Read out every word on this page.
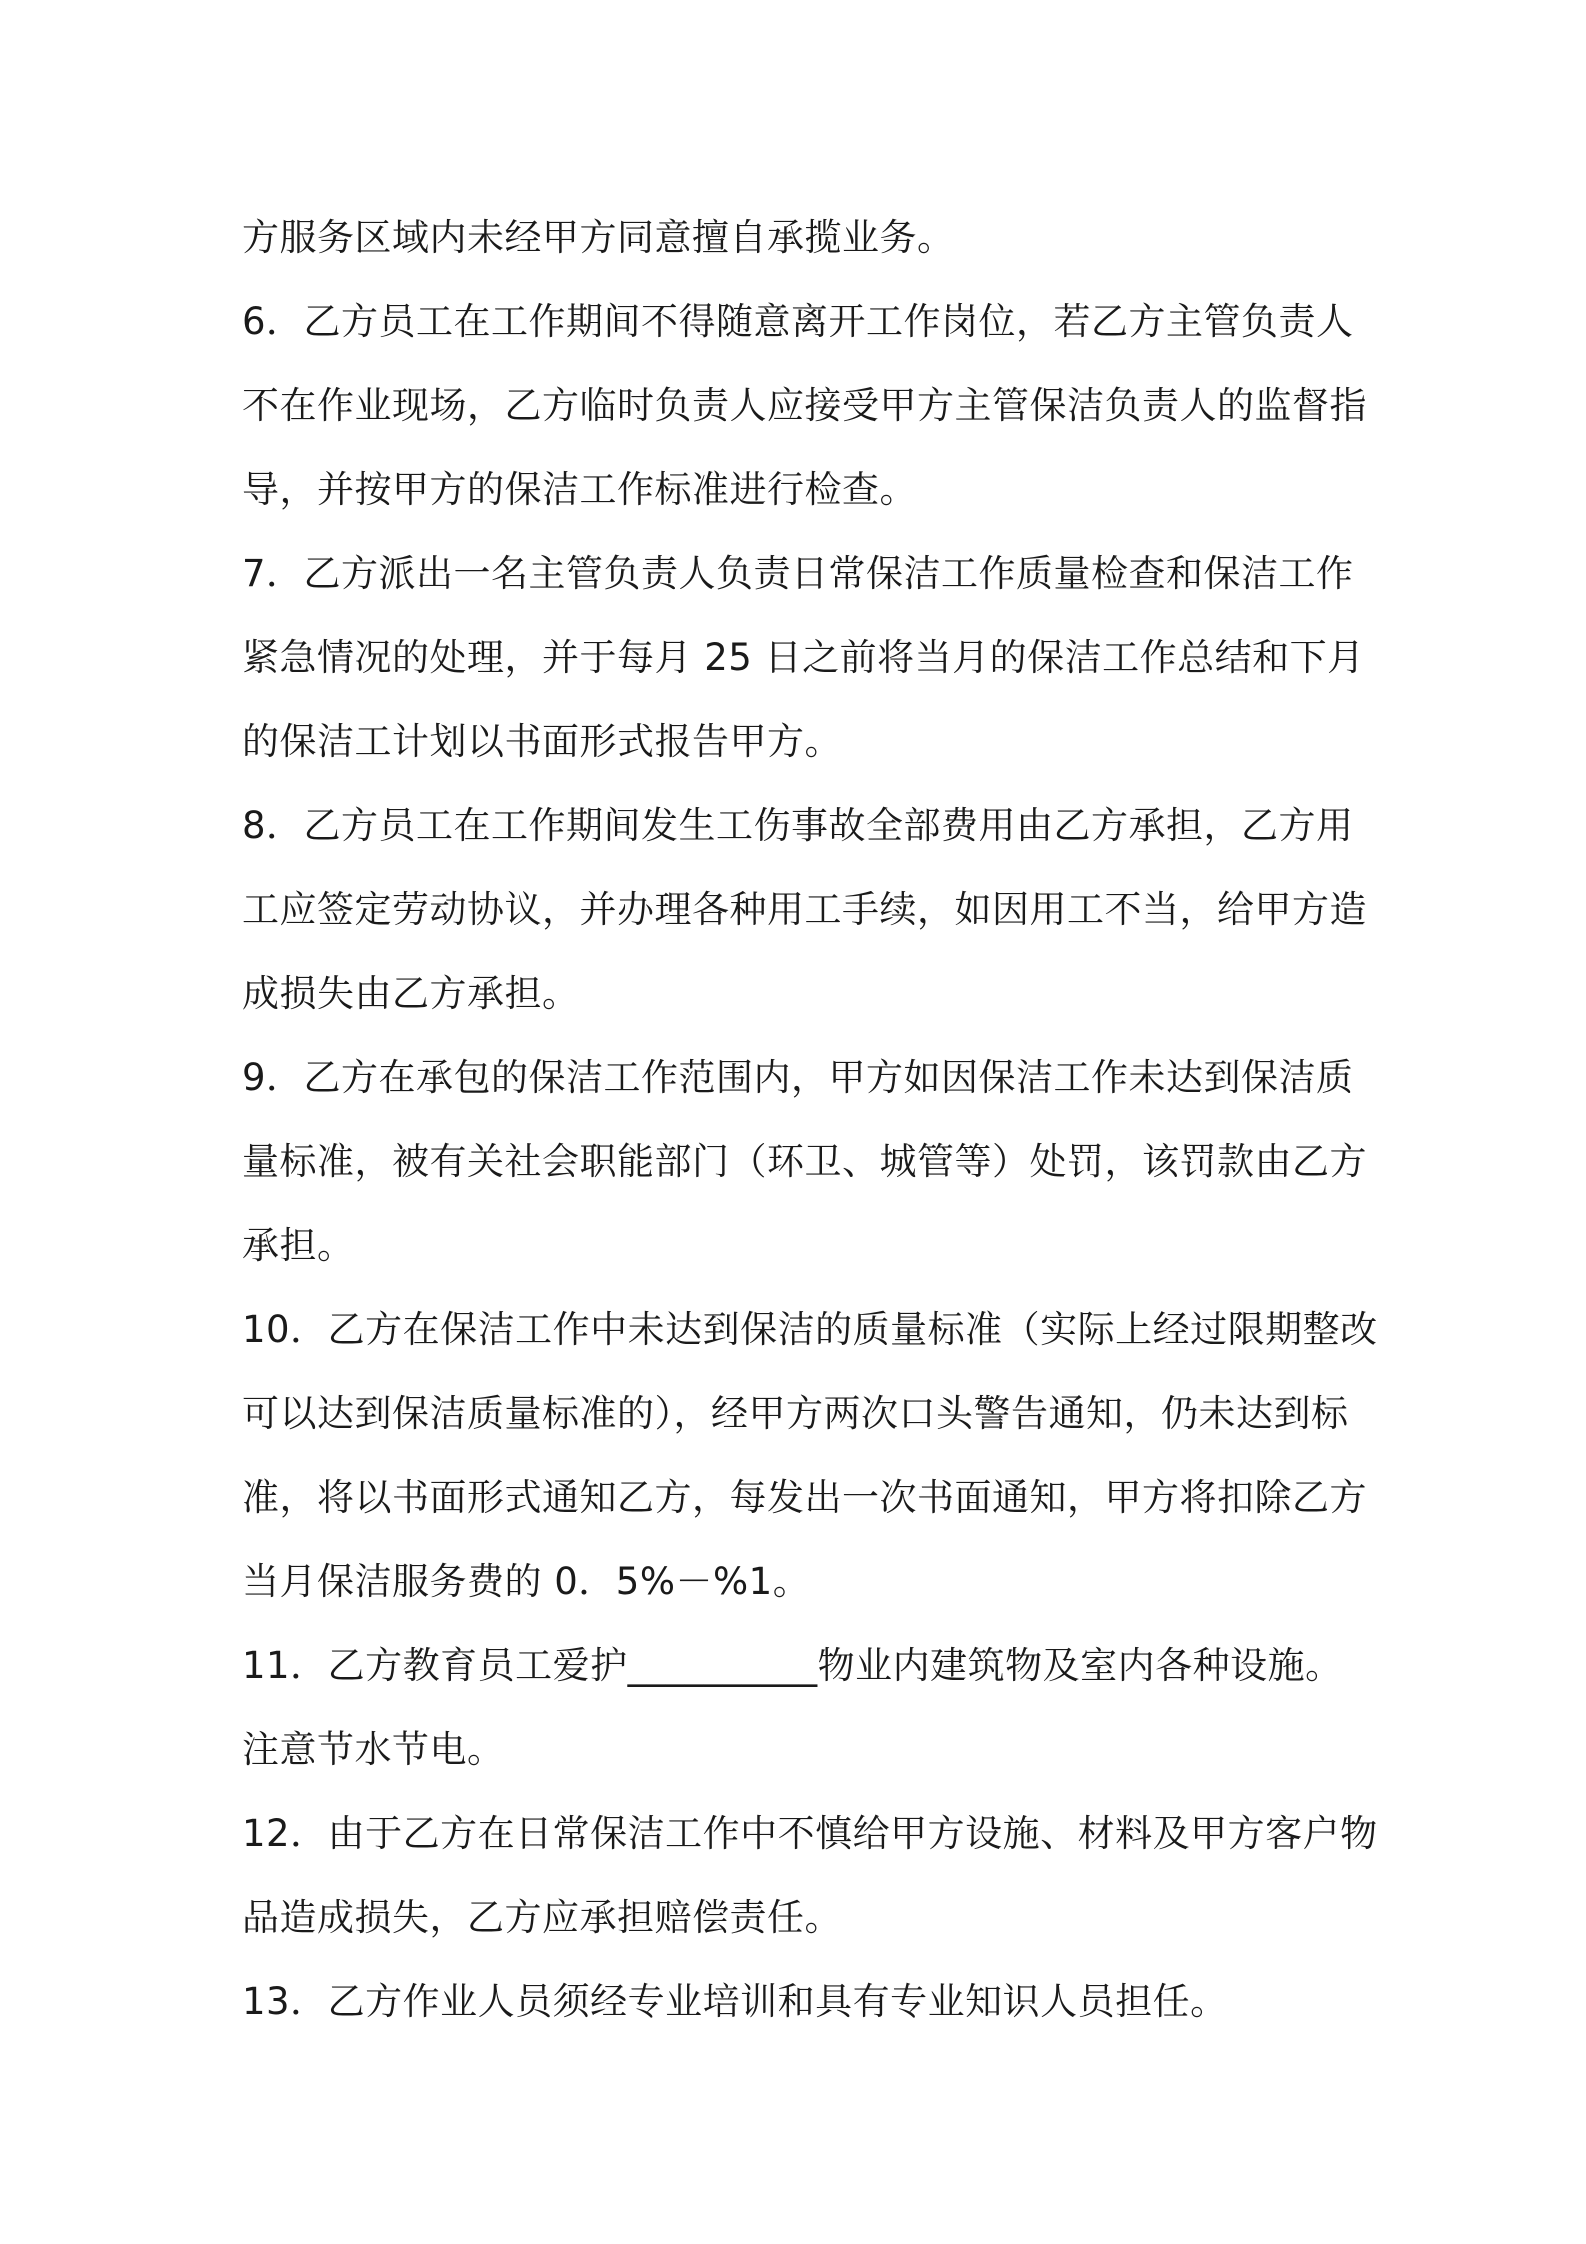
方服务区域内未经甲方同意擅自承揽业务。
6．乙方员工在工作期间不得随意离开工作岗位，若乙方主管负责人
不在作业现场，乙方临时负责人应接受甲方主管保洁负责人的监督指
导，并按甲方的保洁工作标准进行检查。
7．乙方派出一名主管负责人负责日常保洁工作质量检查和保洁工作
紧急情况的处理，并于每月 25 日之前将当月的保洁工作总结和下月
的保洁工计划以书面形式报告甲方。
8．乙方员工在工作期间发生工伤事故全部费用由乙方承担，乙方用
工应签定劳动协议，并办理各种用工手续，如因用工不当，给甲方造
成损失由乙方承担。
9．乙方在承包的保洁工作范围内，甲方如因保洁工作未达到保洁质
量标准，被有关社会职能部门（环卫、城管等）处罚，该罚款由乙方
承担。
10．乙方在保洁工作中未达到保洁的质量标准（实际上经过限期整改
可以达到保洁质量标准的），经甲方两次口头警告通知，仍未达到标
准，将以书面形式通知乙方，每发出一次书面通知，甲方将扣除乙方
当月保洁服务费的 0．5%－%1。
11．乙方教育员工爱护__________物业内建筑物及室内各种设施。
注意节水节电。
12．由于乙方在日常保洁工作中不慎给甲方设施、材料及甲方客户物
品造成损失，乙方应承担赔偿责任。
13．乙方作业人员须经专业培训和具有专业知识人员担任。
